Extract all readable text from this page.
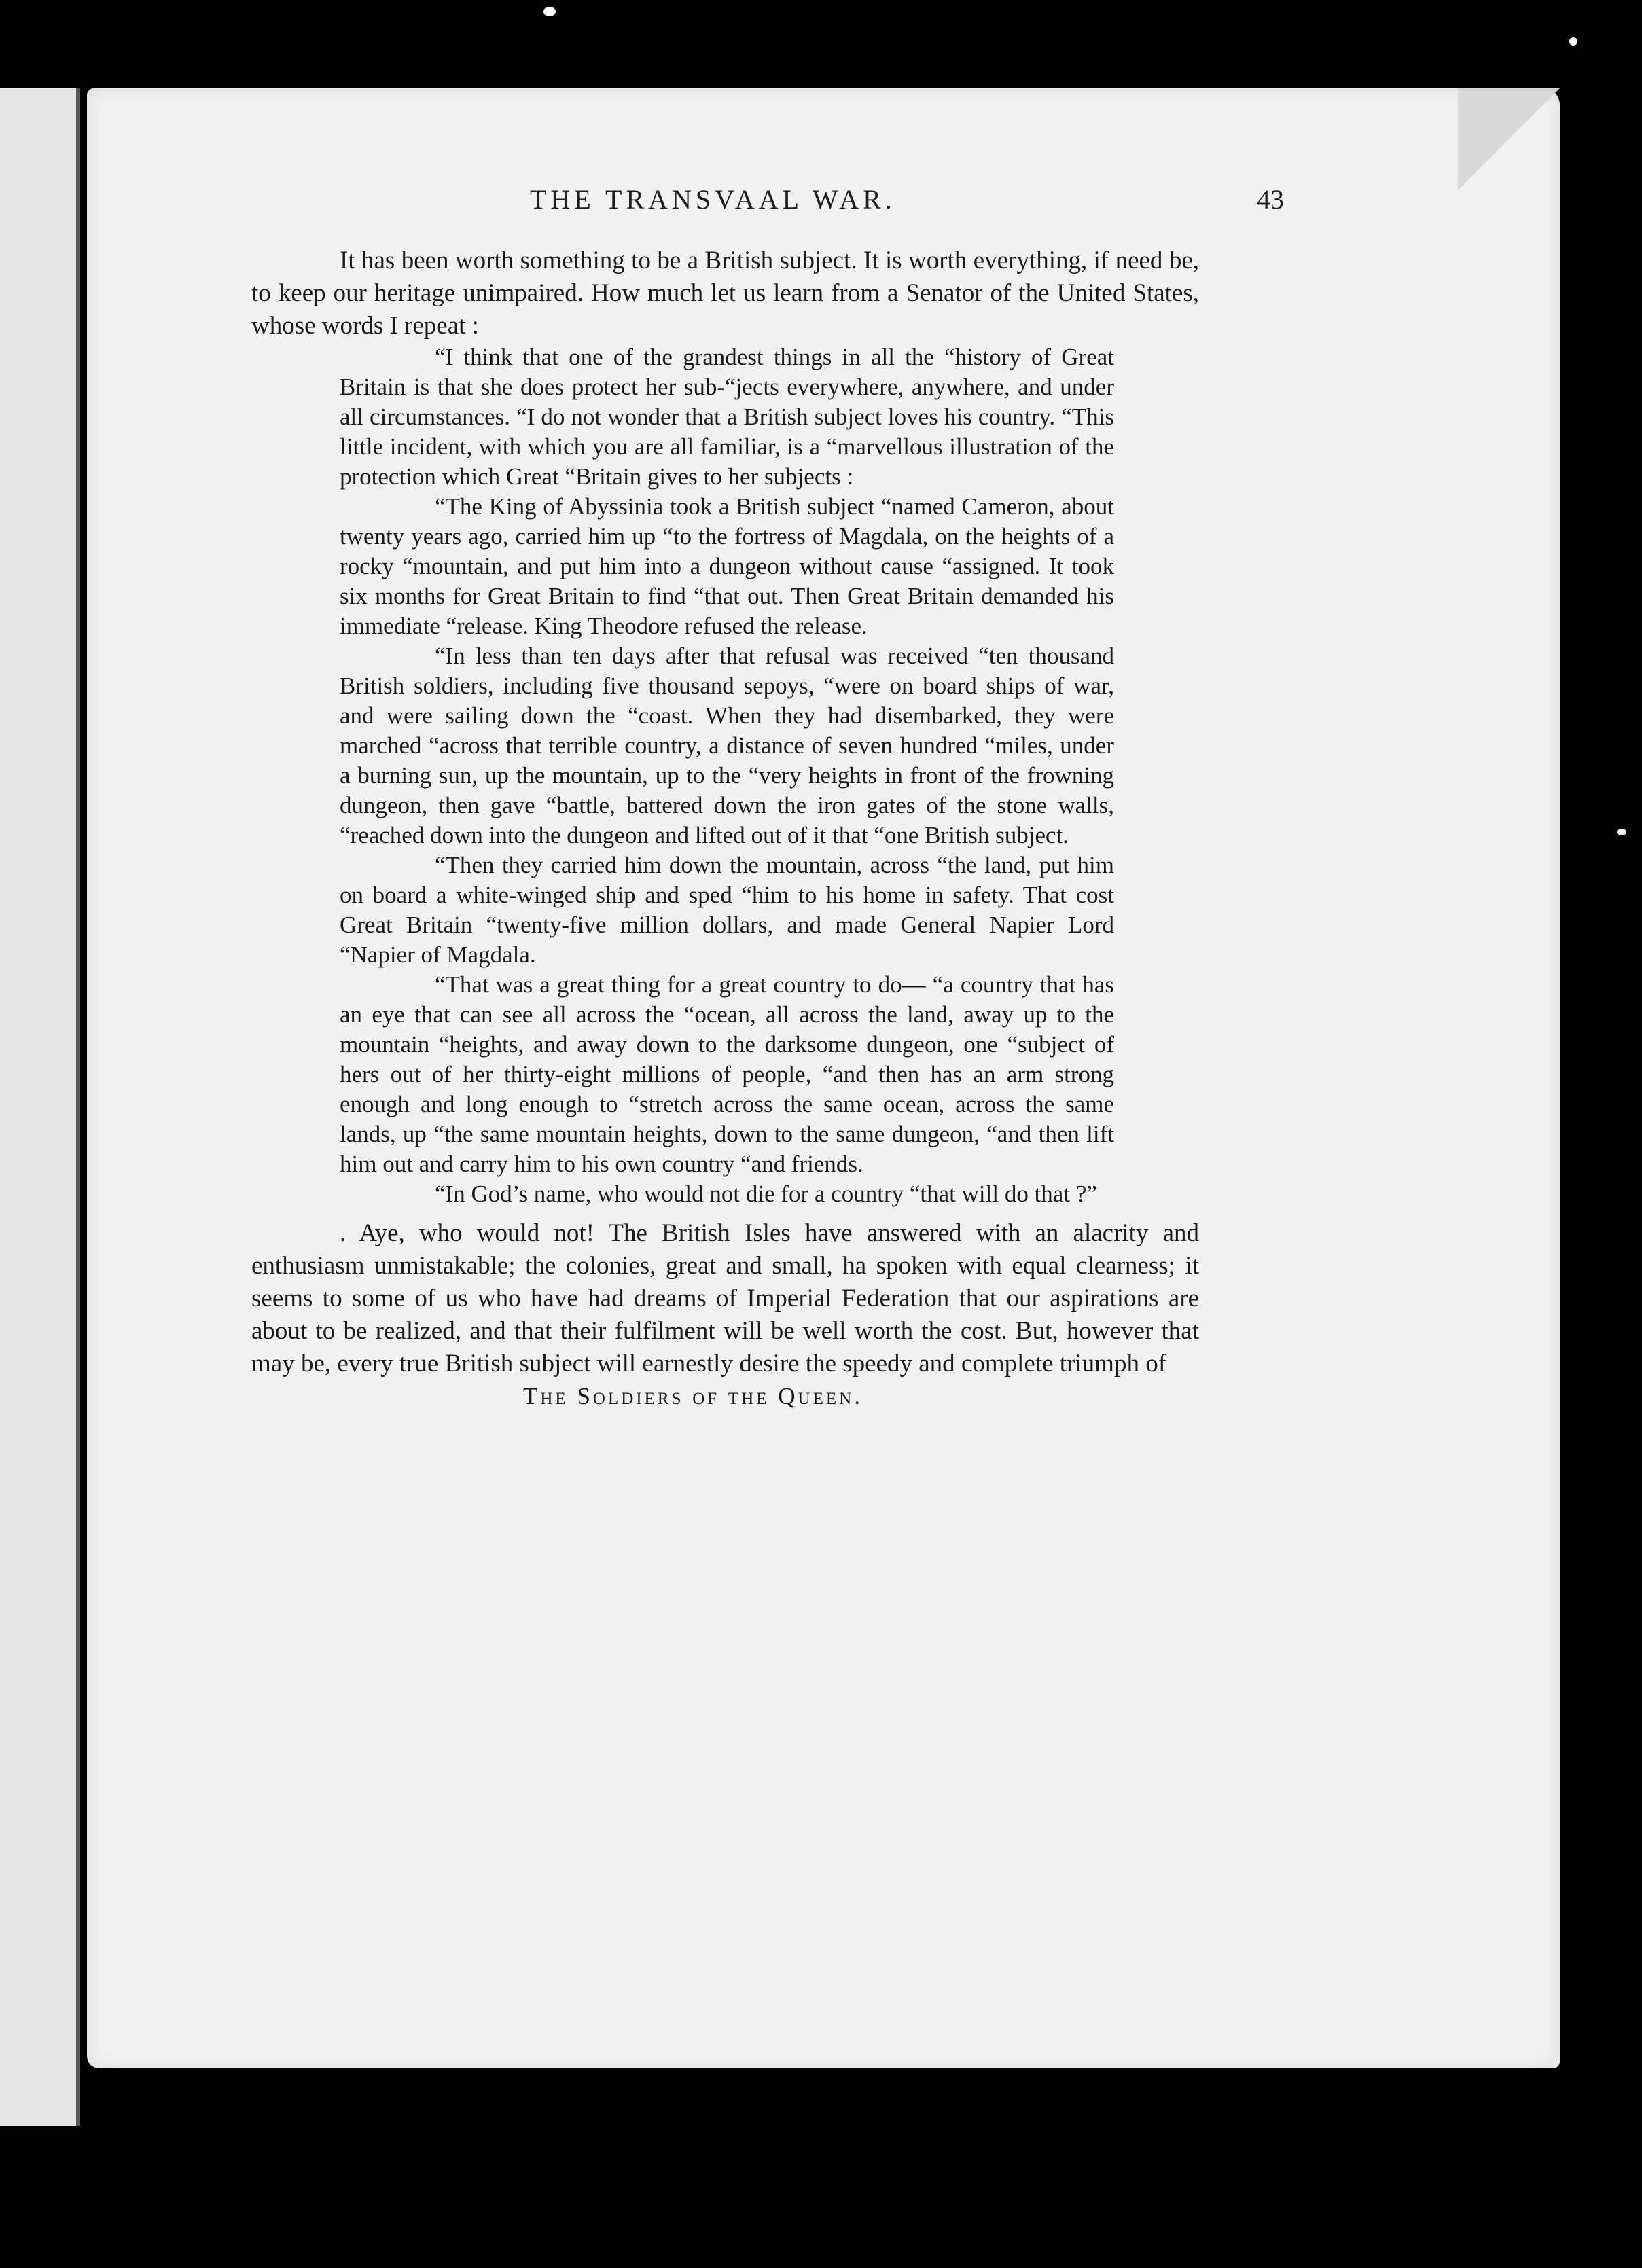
THE TRANSVAAL WAR.	43

It has been worth something to be a British subject. It is worth everything, if need be, to keep our heritage unimpaired. How much let us learn from a Senator of the United States, whose words I repeat :

“I think that one of the grandest things in all the “history of Great Britain is that she does protect her sub-“jects everywhere, anywhere, and under all circumstances. “I do not wonder that a British subject loves his country. “This little incident, with which you are all familiar, is a “marvellous illustration of the protection which Great “Britain gives to her subjects :

“The King of Abyssinia took a British subject “named Cameron, about twenty years ago, carried him up “to the fortress of Magdala, on the heights of a rocky “mountain, and put him into a dungeon without cause “assigned. It took six months for Great Britain to find “that out. Then Great Britain demanded his immediate “release. King Theodore refused the release.

“In less than ten days after that refusal was received “ten thousand British soldiers, including five thousand sepoys, “were on board ships of war, and were sailing down the “coast. When they had disembarked, they were marched “across that terrible country, a distance of seven hundred “miles, under a burning sun, up the mountain, up to the “very heights in front of the frowning dungeon, then gave “battle, battered down the iron gates of the stone walls, “reached down into the dungeon and lifted out of it that “one British subject.

“Then they carried him down the mountain, across “the land, put him on board a white-winged ship and sped “him to his home in safety. That cost Great Britain “twenty-five million dollars, and made General Napier Lord “Napier of Magdala.

“That was a great thing for a great country to do— “a country that has an eye that can see all across the “ocean, all across the land, away up to the mountain “heights, and away down to the darksome dungeon, one “subject of hers out of her thirty-eight millions of people, “and then has an arm strong enough and long enough to “stretch across the same ocean, across the same lands, up “the same mountain heights, down to the same dungeon, “and then lift him out and carry him to his own country “and friends.

“In God’s name, who would not die for a country “that will do that ?”

. Aye, who would not! The British Isles have answered with an alacrity and enthusiasm unmistakable; the colonies, great and small, ha spoken with equal clearness; it seems to some of us who have had dreams of Imperial Federation that our aspirations are about to be realized, and that their fulfilment will be well worth the cost. But, however that may be, every true British subject will earnestly desire the speedy and complete triumph of

The Soldiers of the Queen.
